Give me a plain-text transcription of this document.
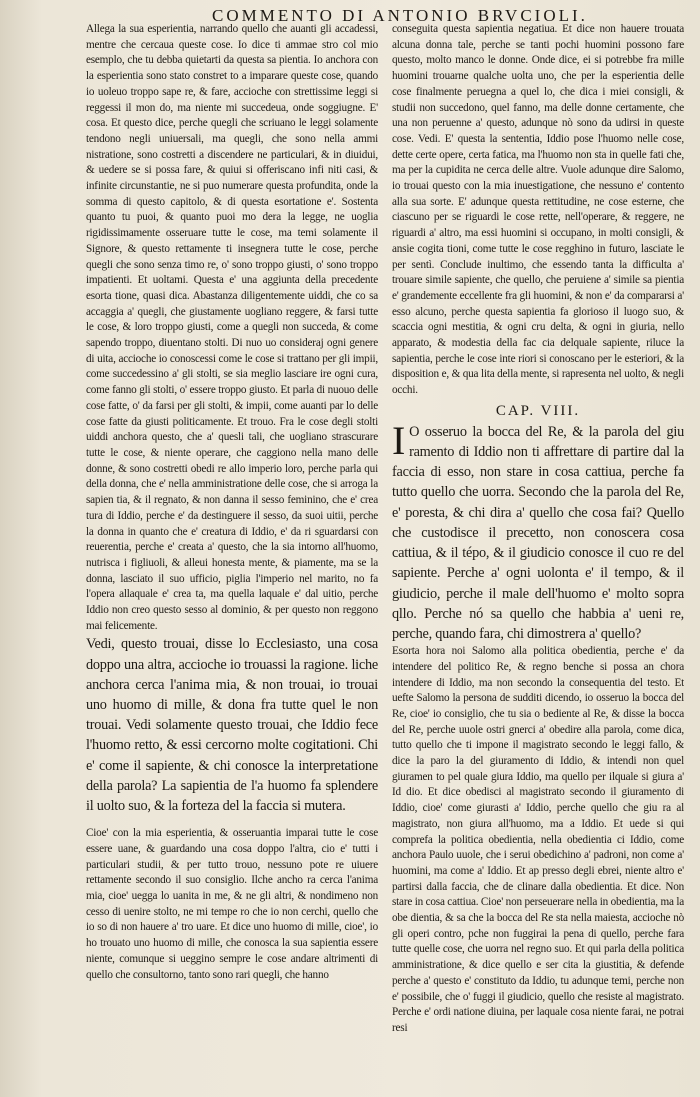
COMMENTO DI ANTONIO BRVCIOLI.

Allega la sua esperientia, narrando quello che auanti gli accadessi, mentre che cercaua queste cose. Io dice ti ammae stro col mio esemplo, che tu debba quietarti da questa sa pientia. Io anchora con la esperientia sono stato constret to a imparare queste cose, quando io uoleuo troppo sape re, & fare, accioche con strettissime leggi si reggessi il mon do, ma niente mi succedeua, onde soggiugne. E' cosa. Et questo dice, perche quegli che scriuano le leggi solamente tendono negli uniuersali, ma quegli, che sono nella ammi nistratione, sono costretti a discendere ne particulari, & in diuidui, & uedere se si possa fare, & quiui si offeriscano infi niti casi, & infinite circunstantie, ne si puo numerare questa profundita, onde la somma di questo capitolo, & di questa esortatione e'. Sostenta quanto tu puoi, & quanto puoi mo dera la legge, ne uoglia rigidissimamente osseruare tutte le cose, ma temi solamente il Signore, & questo rettamente ti insegnera tutte le cose, perche quegli che sono senza timo re, o' sono troppo giusti, o' sono troppo impatienti. Et uoltami. Questa e' una aggiunta della precedente esorta tione, quasi dica. Abastanza diligentemente uiddi, che co sa accaggia a' quegli, che giustamente uogliano reggere, & farsi tutte le cose, & loro troppo giusti, come a quegli non succeda, & come sapendo troppo, diuentano stolti. Di nuo uo consideraj ogni genere di uita, accioche io conoscessi come le cose si trattano per gli impii, come succedessino a' gli stolti, se sia meglio lasciare ire ogni cura, come fanno gli stolti, o' essere troppo giusto. Et parla di nuouo delle cose fatte, o' da farsi per gli stolti, & impii, come auanti par lo delle cose fatte da giusti politicamente. Et trouo. Fra le cose degli stolti uiddi anchora questo, che a' quesli tali, che uogliano strascurare tutte le cose, & niente operare, che caggiono nella mano delle donne, & sono costretti obedi re allo imperio loro, perche parla qui della donna, che e' nella amministratione delle cose, che si arroga la sapien tia, & il regnato, & non danna il sesso feminino, che e' crea tura di Iddio, perche e' da destinguere il sesso, da suoi uitii, perche la donna in quanto che e' creatura di Iddio, e' da ri sguardarsi con reuerentia, perche e' creata a' questo, che la sia intorno all'huomo, nutrisca i figliuoli, & alleui honesta mente, & piamente, ma se la donna, lasciato il suo ufficio, piglia l'imperio nel marito, no fa l'opera allaquale e' crea ta, ma quella laquale e' dal uitio, perche Iddio non creo questo sesso al dominio, & per questo non reggono mai felicemente.

Vedi, questo trouai, disse lo Ecclesiasto, una cosa doppo una altra, accioche io trouassi la ragione. liche anchora cerca l'anima mia, & non trouai, io trouai uno huomo di mille, & dona fra tutte quel le non trouai. Vedi solamente questo trouai, che Iddio fece l'huomo retto, & essi cercorno molte cogitationi. Chi e' come il sapiente, & chi conosce la interpretatione della parola? La sapientia de l'a huomo fa splendere il uolto suo, & la forteza del la faccia si mutera.

Cioe' con la mia esperientia, & osseruantia imparai tutte le cose essere uane, & guardando una cosa doppo l'altra, cio e' tutti i particulari studii, & per tutto trouo, nessuno pote re uiuere rettamente secondo il suo consiglio. Ilche ancho ra cerca l'anima mia, cioe' uegga lo uanita in me, & ne gli altri, & nondimeno non cesso di uenire stolto, ne mi tempe ro che io non cerchi, quello che io so di non hauere a' tro uare. Et dice uno huomo di mille, cioe', io ho trouato uno huomo di mille, che conosca la sua sapientia essere niente, comunque si ueggino sempre le cose andare altrimenti di quello che consultorno, tanto sono rari quegli, che hanno

conseguita questa sapientia negatiua. Et dice non hauere trouata alcuna donna tale, perche se tanti pochi huomini possono fare questo, molto manco le donne. Onde dice, ei si potrebbe fra mille huomini trouarne qualche uolta uno, che per la esperientia delle cose finalmente peruegna a quel lo, che dica i miei consigli, & studii non succedono, quel fanno, ma delle donne certamente, che una non peruenne a' questo, adunque nò sono da udirsi in queste cose. Vedi. E' questa la sententia, Iddio pose l'huomo nelle cose, dette certe opere, certa fatica, ma l'huomo non sta in quelle fati che, ma per la cupidita ne cerca delle altre. Vuole adunque dire Salomo, io trouai questo con la mia inuestigatione, che nessuno e' contento alla sua sorte. E' adunque questa rettitudine, ne cose esterne, che ciascuno per se riguardi le cose rette, nell'operare, & reggere, ne riguardi a' altro, ma essi huomini si occupano, in molti consigli, & ansie cogita tioni, come tutte le cose regghino in futuro, lasciate le per sentì. Conclude inultimo, che essendo tanta la difficulta a' trouare simile sapiente, che quello, che peruiene a' simile sa pientia e' grandemente eccellente fra gli huomini, & non e' da compararsi a' esso alcuno, perche questa sapientia fa glorioso il luogo suo, & scaccia ogni mestitia, & ogni cru delta, & ogni in giuria, nello apparato, & modestia della fac cia delquale sapiente, riluce la sapientia, perche le cose inte riori si conoscano per le esteriori, & la disposition e, & qua lita della mente, si rapresenta nel uolto, & negli occhi.

CAP. VIII.

I O osseruo la bocca del Re, & la parola del giu ramento di Iddio non ti affrettare di partire dal la faccia di esso, non stare in cosa cattiua, perche fa tutto quello che uorra. Secondo che la parola del Re, e' poresta, & chi dira a' quello che cosa fai? Quello che custodisce il precetto, non conoscera cosa cattiua, & il tépo, & il giudicio conosce il cuo re del sapiente. Perche a' ogni uolonta e' il tempo, & il giudicio, perche il male dell'huomo e' molto sopra qllo. Perche nó sa quello che habbia a' ueni re, perche, quando fara, chi dimostrera a' quello?

Esorta hora noi Salomo alla politica obedientia, perche e' da intendere del politico Re, & regno benche si possa an chora intendere di Iddio, ma non secondo la consequentia del testo. Et uefte Salomo la persona de sudditi dicendo, io osseruo la bocca del Re, cioe' io consiglio, che tu sia o bediente al Re, & disse la bocca del Re, perche uuole ostri gnerci a' obedire alla parola, come dica, tutto quello che ti impone il magistrato secondo le leggi fallo, & dice la paro la del giuramento di Iddio, & intendi non quel giuramen to pel quale giura Iddio, ma quello per ilquale si giura a' Id dio. Et dice obedisci al magistrato secondo il giuramento di Iddio, cioe' come giurasti a' Iddio, perche quello che giu ra al magistrato, non giura all'huomo, ma a Iddio. Et uede si qui comprefa la politica obedientia, nella obedientia ci Iddio, come anchora Paulo uuole, che i serui obedichino a' padroni, non come a' huomini, ma come a' Iddio. Et ap presso degli ebrei, niente altro e' partirsi dalla faccia, che de clinare dalla obedientia. Et dice. Non stare in cosa cattiua. Cioe' non perseuerare nella in obedientia, ma la obe dientia, & sa che la bocca del Re sta nella maiesta, accioche nò gli operi contro, pche non fuggirai la pena di quello, perche fara tutte quelle cose, che uorra nel regno suo. Et qui parla della politica amministratione, & dice quello e ser cita la giustitia, & defende perche a' questo e' constituto da Iddio, tu adunque temi, perche non e' possibile, che o' fuggi il giudicio, quello che resiste al magistrato. Perche e' ordi natione diuina, per laquale cosa niente farai, ne potrai resi
